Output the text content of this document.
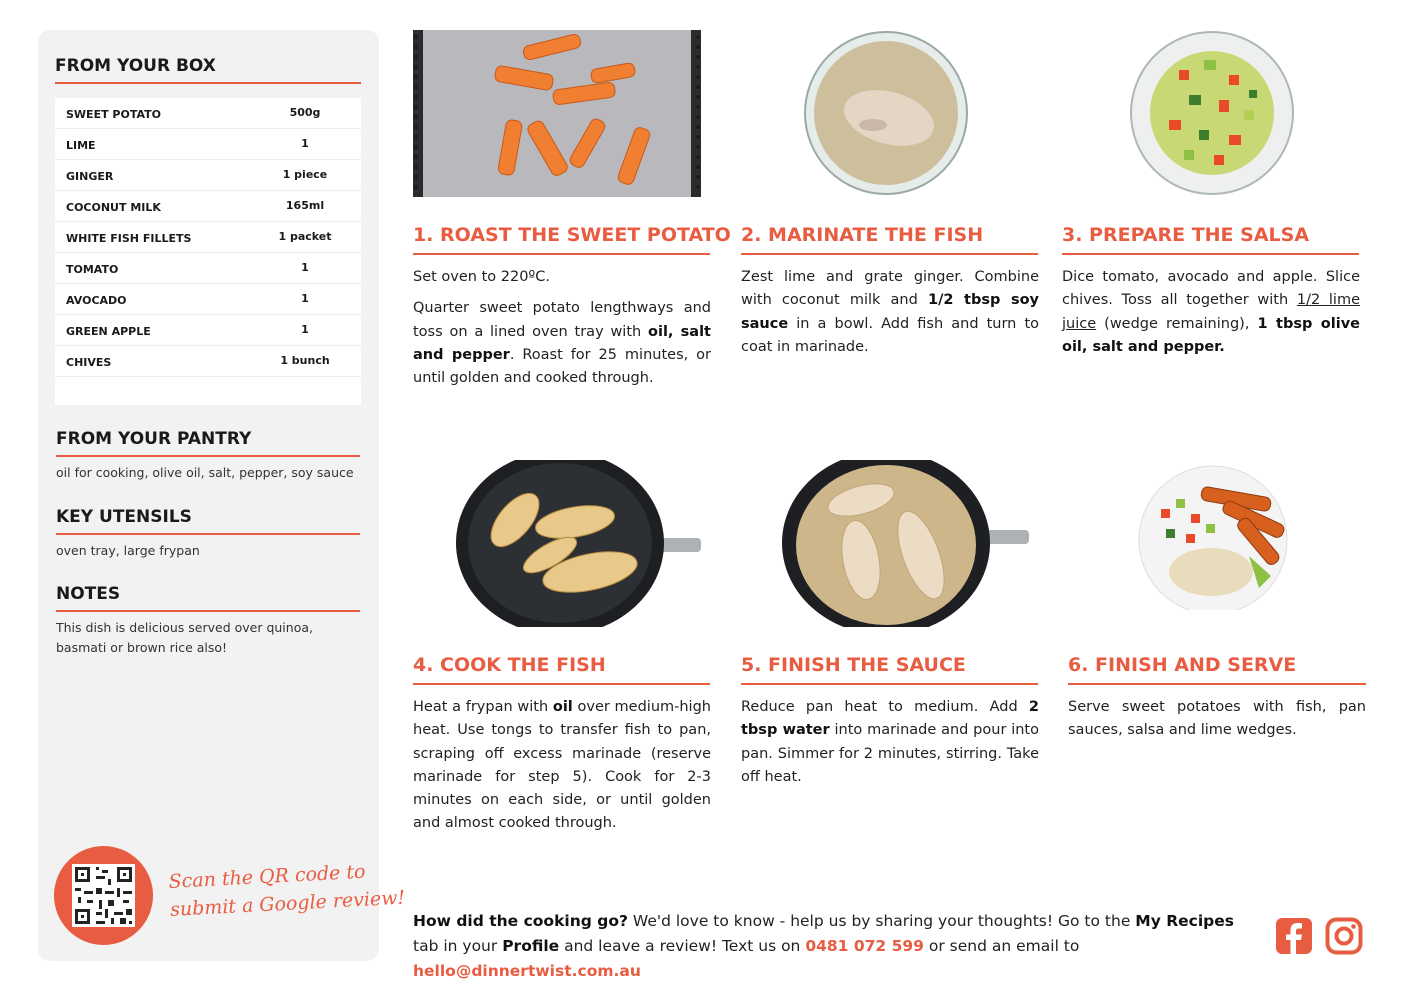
FROM YOUR BOX
SWEET POTATO	500g
LIME	1
GINGER	1 piece
COCONUT MILK	165ml
WHITE FISH FILLETS	1 packet
TOMATO	1
AVOCADO	1
GREEN APPLE	1
CHIVES	1 bunch
FROM YOUR PANTRY
oil for cooking, olive oil, salt, pepper, soy sauce
KEY UTENSILS
oven tray, large frypan
NOTES
This dish is delicious served over quinoa, basmati or brown rice also!
Scan the QR code to
submit a Google review!
1. ROAST THE SWEET POTATO

Set oven to 220ºC.

Quarter sweet potato lengthways and toss on a lined oven tray with oil, salt and pepper. Roast for 25 minutes, or until golden and cooked through.

2. MARINATE THE FISH

Zest lime and grate ginger. Combine with coconut milk and 1/2 tbsp soy sauce in a bowl. Add fish and turn to coat in marinade.

3. PREPARE THE SALSA

Dice tomato, avocado and apple. Slice chives. Toss all together with 1/2 lime juice (wedge remaining), 1 tbsp olive oil, salt and pepper.

4. COOK THE FISH

Heat a frypan with oil over medium-high heat. Use tongs to transfer fish to pan, scraping off excess marinade (reserve marinade for step 5). Cook for 2-3 minutes on each side, or until golden and almost cooked through.

5. FINISH THE SAUCE

Reduce pan heat to medium. Add 2 tbsp water into marinade and pour into pan. Simmer for 2 minutes, stirring. Take off heat.

6. FINISH AND SERVE

Serve sweet potatoes with fish, pan sauces, salsa and lime wedges.

How did the cooking go? We'd love to know - help us by sharing your thoughts! Go to the My Recipes tab in your Profile and leave a review! Text us on 0481 072 599 or send an email to hello@dinnertwist.com.au
